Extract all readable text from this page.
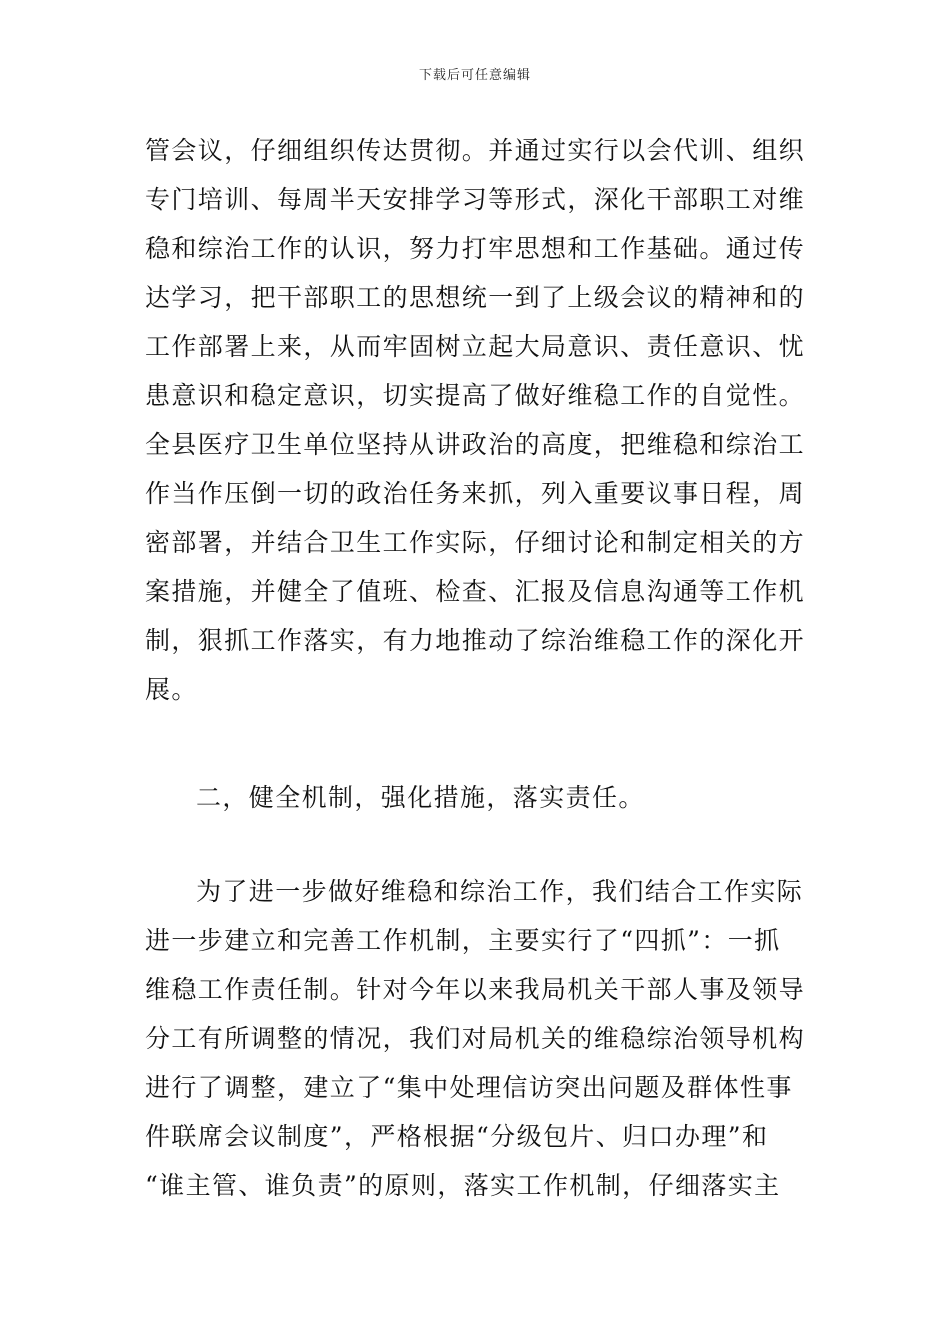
下载后可任意编辑
管会议，仔细组织传达贯彻。并通过实行以会代训、组织
专门培训、每周半天安排学习等形式，深化干部职工对维
稳和综治工作的认识，努力打牢思想和工作基础。通过传
达学习，把干部职工的思想统一到了上级会议的精神和的
工作部署上来，从而牢固树立起大局意识、责任意识、忧
患意识和稳定意识，切实提高了做好维稳工作的自觉性。
全县医疗卫生单位坚持从讲政治的高度，把维稳和综治工
作当作压倒一切的政治任务来抓，列入重要议事日程，周
密部署，并结合卫生工作实际，仔细讨论和制定相关的方
案措施，并健全了值班、检查、汇报及信息沟通等工作机
制，狠抓工作落实，有力地推动了综治维稳工作的深化开
展。
二，健全机制，强化措施，落实责任。
为了进一步做好维稳和综治工作，我们结合工作实际
进一步建立和完善工作机制，主要实行了“四抓”：一抓
维稳工作责任制。针对今年以来我局机关干部人事及领导
分工有所调整的情况，我们对局机关的维稳综治领导机构
进行了调整，建立了“集中处理信访突出问题及群体性事
件联席会议制度”，严格根据“分级包片、归口办理”和
“谁主管、谁负责”的原则，落实工作机制，仔细落实主
